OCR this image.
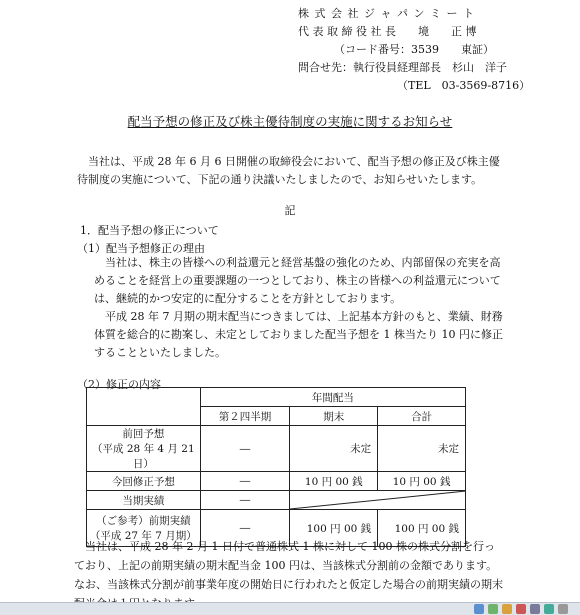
株 式 会 社 ジ ャ パ ン ミ ー ト
代 表 取 締 役 社 長　　境　　正 博
（コード番号：3539　　東証）
問合せ先：執行役員経理部長　杉山　洋子
（TEL　03-3569-8716）
配当予想の修正及び株主優待制度の実施に関するお知らせ
　当社は、平成 28 年 6 月 6 日開催の取締役会において、配当予想の修正及び株主優待制度の実施について、下記の通り決議いたしましたので、お知らせいたします。
記
1．配当予想の修正について
（1）配当予想修正の理由
　当社は、株主の皆様への利益還元と経営基盤の強化のため、内部留保の充実を高めることを経営上の重要課題の一つとしており、株主の皆様への利益還元については、継続的かつ安定的に配分することを方針としております。
　平成 28 年 7 月期の期末配当につきましては、上記基本方針のもと、業績、財務体質を総合的に勘案し、未定としておりました配当予想を 1 株当たり 10 円に修正することといたしました。
（2）修正の内容
	年間配当		
	第２四半期	期末	合計

前回予想
（平成 28 年 4 月 21 日）	―	未定	未定
今回修正予想	―	10 円 00 銭	10 円 00 銭
当期実績	―	

（ご参考）前期実績
（平成 27 年 7 月期）	―	100 円 00 銭	100 円 00 銭
　当社は、平成 28 年 2 月 1 日付で普通株式 1 株に対して 100 株の株式分割を行っており、上記の前期実績の期末配当金 100 円は、当該株式分割前の金額であります。なお、当該株式分割が前事業年度の開始日に行われたと仮定した場合の前期実績の期末
